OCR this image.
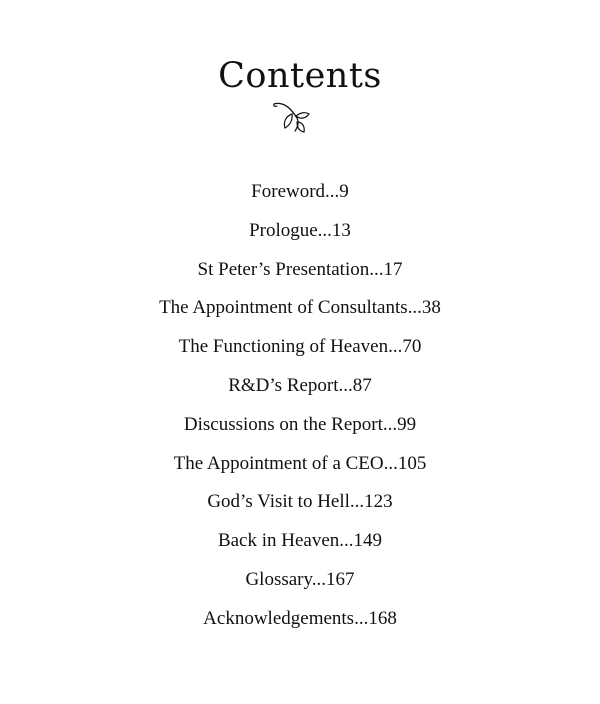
Contents
Foreword...9
Prologue...13
St Peter’s Presentation...17
The Appointment of Consultants...38
The Functioning of Heaven...70
R&D’s Report...87
Discussions on the Report...99
The Appointment of a CEO...105
God’s Visit to Hell...123
Back in Heaven...149
Glossary...167
Acknowledgements...168
